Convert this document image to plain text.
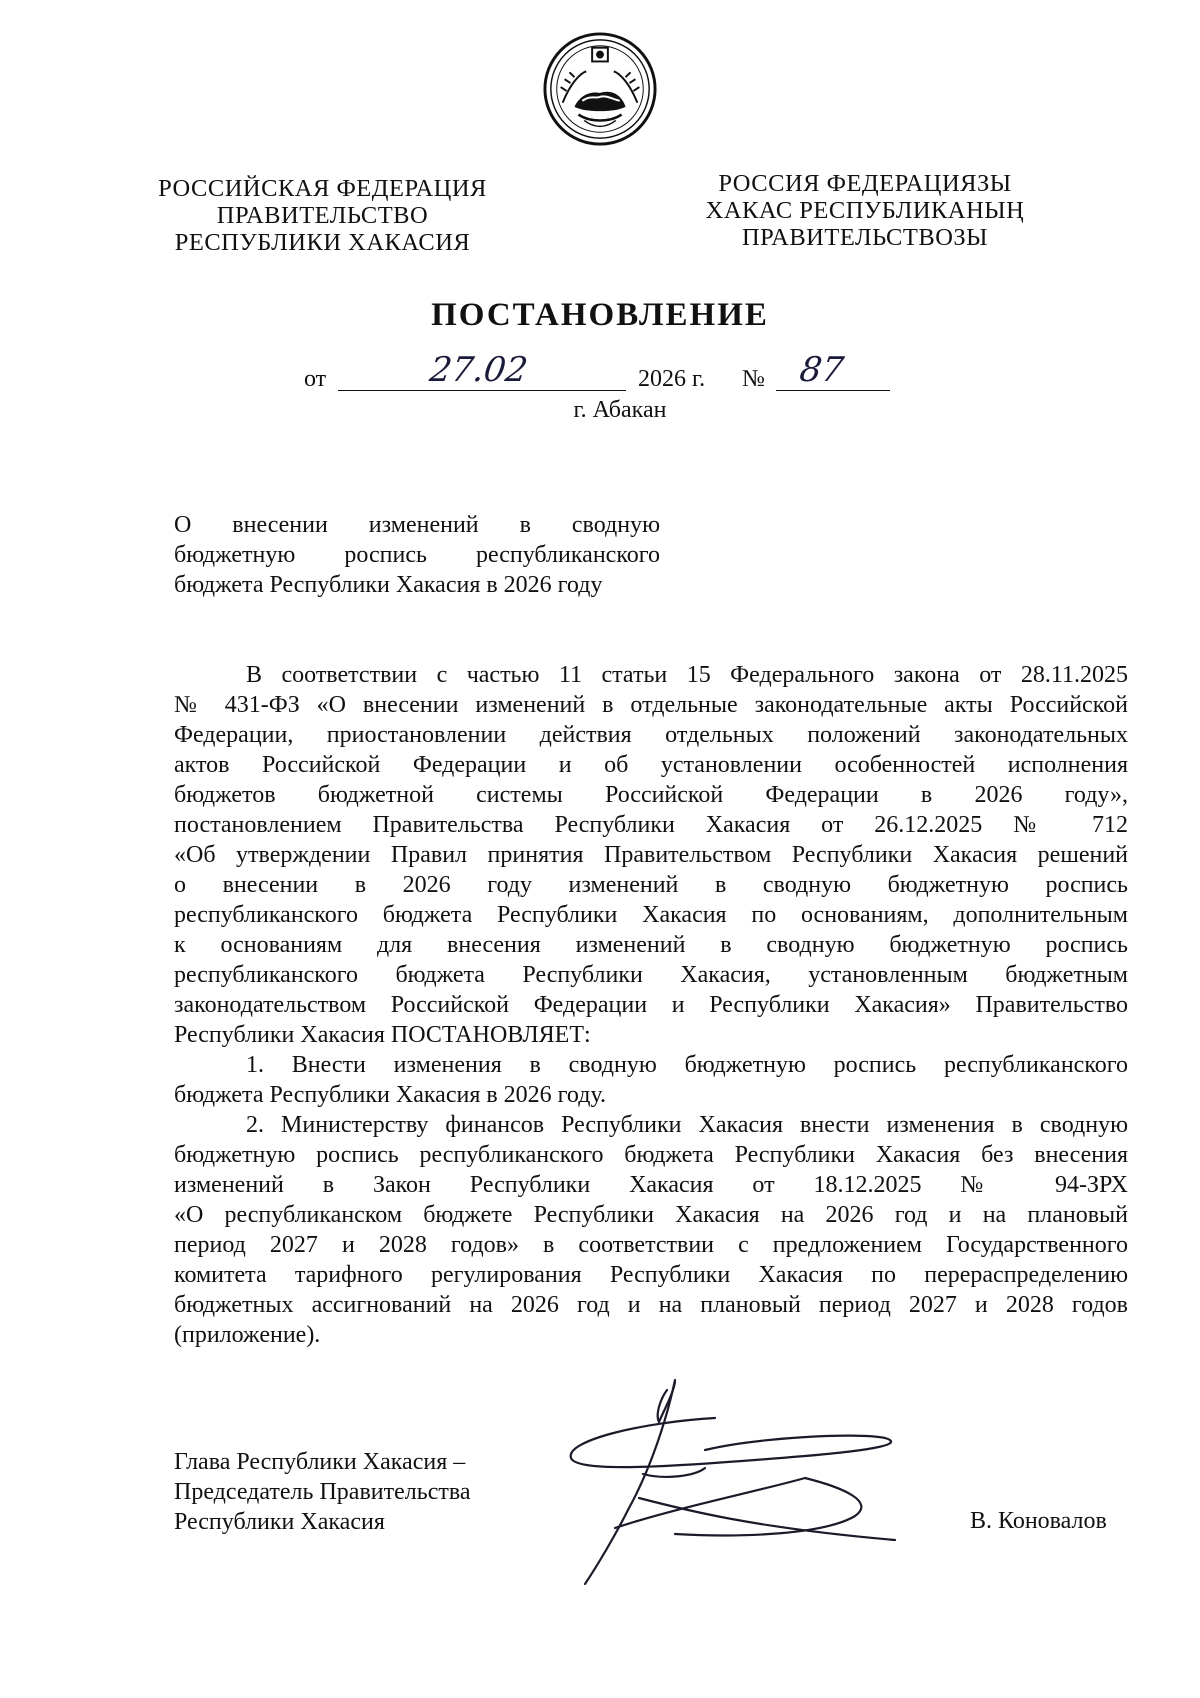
РОССИЙСКАЯ ФЕДЕРАЦИЯ
ПРАВИТЕЛЬСТВО
РЕСПУБЛИКИ ХАКАСИЯ
РОССИЯ ФЕДЕРАЦИЯЗЫ
ХАКАС РЕСПУБЛИКАНЫҢ
ПРАВИТЕЛЬСТВОЗЫ
ПОСТАНОВЛЕНИЕ
от	27.02	2026 г. № 87
г. Абакан
О внесении изменений в сводную
бюджетную роспись республиканского
бюджета Республики Хакасия в 2026 году
В соответствии с частью 11 статьи 15 Федерального закона от 28.11.2025
№ 431-ФЗ «О внесении изменений в отдельные законодательные акты Российской
Федерации, приостановлении действия отдельных положений законодательных
актов Российской Федерации и об установлении особенностей исполнения
бюджетов бюджетной системы Российской Федерации в 2026 году»,
постановлением Правительства Республики Хакасия от 26.12.2025 № 712
«Об утверждении Правил принятия Правительством Республики Хакасия решений
о внесении в 2026 году изменений в сводную бюджетную роспись
республиканского бюджета Республики Хакасия по основаниям, дополнительным
к основаниям для внесения изменений в сводную бюджетную роспись
республиканского бюджета Республики Хакасия, установленным бюджетным
законодательством Российской Федерации и Республики Хакасия» Правительство
Республики Хакасия ПОСТАНОВЛЯЕТ:
1. Внести изменения в сводную бюджетную роспись республиканского
бюджета Республики Хакасия в 2026 году.
2. Министерству финансов Республики Хакасия внести изменения в сводную
бюджетную роспись республиканского бюджета Республики Хакасия без внесения
изменений в Закон Республики Хакасия от 18.12.2025 № 94-ЗРХ
«О республиканском бюджете Республики Хакасия на 2026 год и на плановый
период 2027 и 2028 годов» в соответствии с предложением Государственного
комитета тарифного регулирования Республики Хакасия по перераспределению
бюджетных ассигнований на 2026 год и на плановый период 2027 и 2028 годов
(приложение).
Глава Республики Хакасия –
Председатель Правительства
Республики Хакасия	В. Коновалов
